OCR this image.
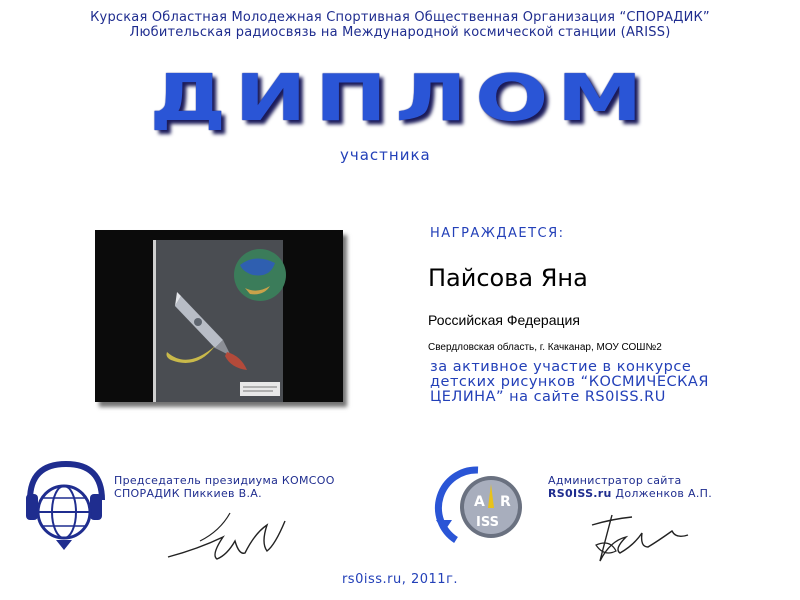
Курская Областная Молодежная Спортивная Общественная Организация “СПОРАДИК”
Любительская радиосвязь на Международной космической станции (ARISS)
ДИПЛОМ
участника
НАГРАЖДАЕТСЯ:
Пайсова Яна
Российская Федерация
Свердловская область, г. Качканар, МОУ СОШ№2
за активное участие в конкурсе
детских рисунков “КОСМИЧЕСКАЯ
ЦЕЛИНА” на сайте RS0ISS.RU
Председатель президиума КОМСОО
СПОРАДИК Пиккиев В.А.
A R
ISS
Администратор сайта
RS0ISS.ru Долженков А.П.
rs0iss.ru, 2011г.
